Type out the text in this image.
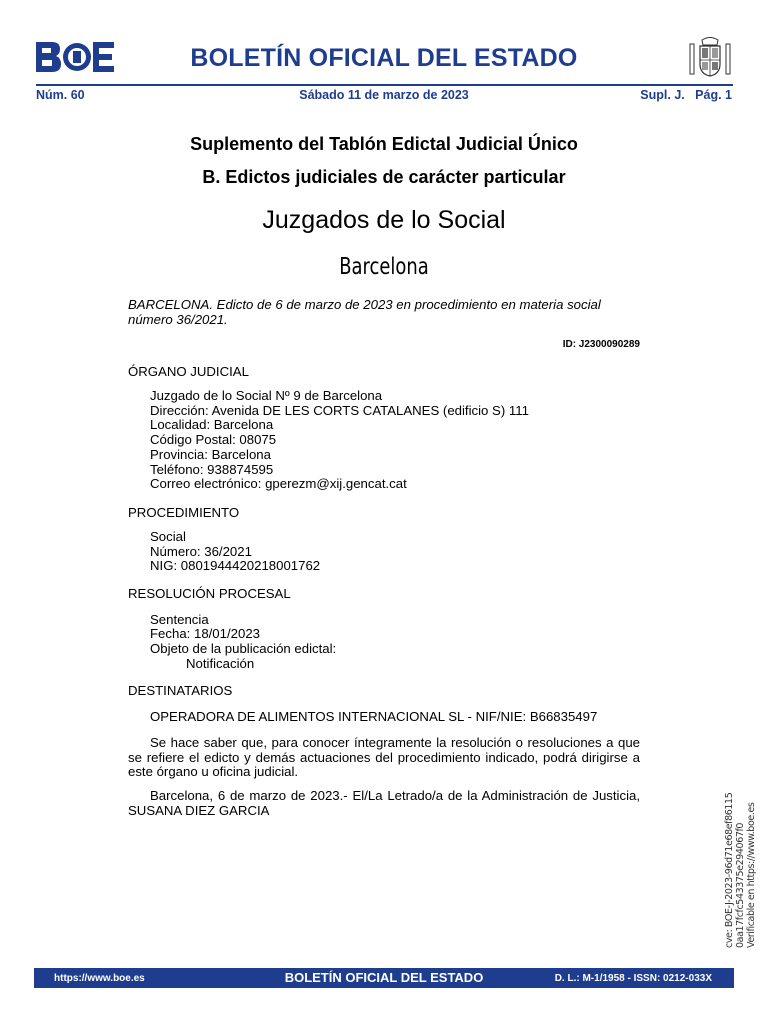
BOLETÍN OFICIAL DEL ESTADO
Núm. 60	Sábado 11 de marzo de 2023	Supl. J.   Pág. 1
Suplemento del Tablón Edictal Judicial Único
B. Edictos judiciales de carácter particular
Juzgados de lo Social
Barcelona
BARCELONA. Edicto de 6 de marzo de 2023 en procedimiento en materia social número 36/2021.
ID: J2300090289
ÓRGANO JUDICIAL
Juzgado de lo Social Nº 9 de Barcelona
Dirección: Avenida DE LES CORTS CATALANES (edificio S) 111
Localidad: Barcelona
Código Postal: 08075
Provincia: Barcelona
Teléfono: 938874595
Correo electrónico: gperezm@xij.gencat.cat
PROCEDIMIENTO
Social
Número: 36/2021
NIG: 0801944420218001762
RESOLUCIÓN PROCESAL
Sentencia
Fecha: 18/01/2023
Objeto de la publicación edictal:
Notificación
DESTINATARIOS
OPERADORA DE ALIMENTOS INTERNACIONAL SL - NIF/NIE: B66835497
Se hace saber que, para conocer íntegramente la resolución o resoluciones a que se refiere el edicto y demás actuaciones del procedimiento indicado, podrá dirigirse a este órgano u oficina judicial.
Barcelona, 6 de marzo de 2023.- El/La Letrado/a de la Administración de Justicia, SUSANA DIEZ GARCIA	cve: BOE-J-2023-96d71e68ef86115​0aa17fcfc543375e294067f0 Verificable en https://www.boe.es
BOLETÍN OFICIAL DEL ESTADO
https://www.boe.es	D. L.: M-1/1958 - ISSN: 0212-033X
